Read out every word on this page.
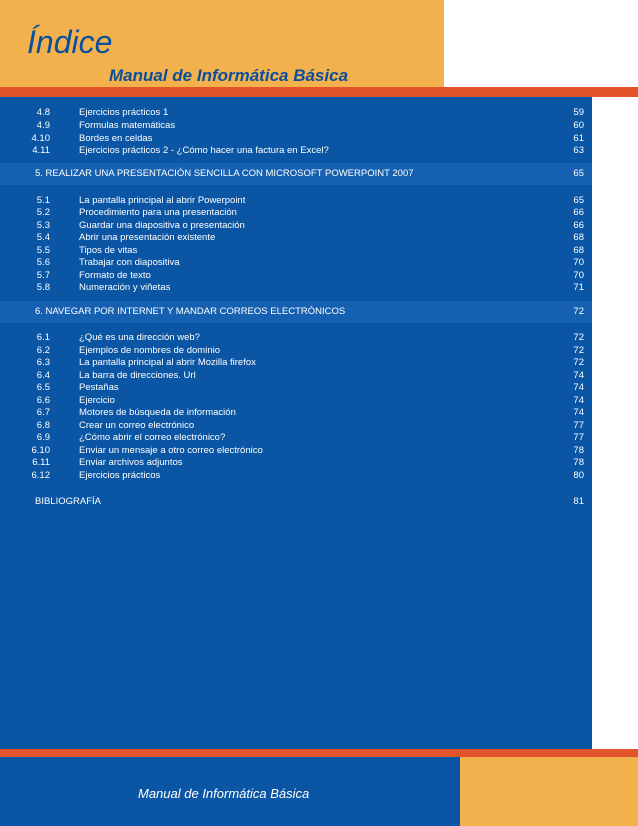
Índice
Manual de Informática Básica
4.8	Ejercicios prácticos 1	59
4.9	Formulas matemáticas	60
4.10	Bordes en celdas	61
4.11	Ejercicios prácticos 2 - ¿Cómo hacer una factura en Excel?	63
5. REALIZAR UNA PRESENTACIÓN SENCILLA CON MICROSOFT POWERPOINT 2007	65
5.1	La pantalla principal al abrir Powerpoint	65
5.2	Procedimiento para una presentación	66
5.3	Guardar una diapositiva o presentación	66
5.4	Abrir una presentación existente	68
5.5	Tipos de vitas	68
5.6	Trabajar con diapositiva	70
5.7	Formato de texto	70
5.8	Numeración y viñetas	71
6. NAVEGAR POR INTERNET Y MANDAR CORREOS ELECTRÓNICOS	72
6.1	¿Qué es una dirección web?	72
6.2	Ejemplos de nombres de dominio	72
6.3	La pantalla principal al abrir Mozilla firefox	72
6.4	La barra de direcciones. Url	74
6.5	Pestañas	74
6.6	Ejercicio	74
6.7	Motores de búsqueda de información	74
6.8	Crear un correo electrónico	77
6.9	¿Cómo abrir el correo electrónico?	77
6.10	Enviar un mensaje a otro correo electrónico	78
6.11	Enviar archivos adjuntos	78
6.12	Ejercicios prácticos	80
BIBLIOGRAFÍA	81
Manual de Informática Básica
